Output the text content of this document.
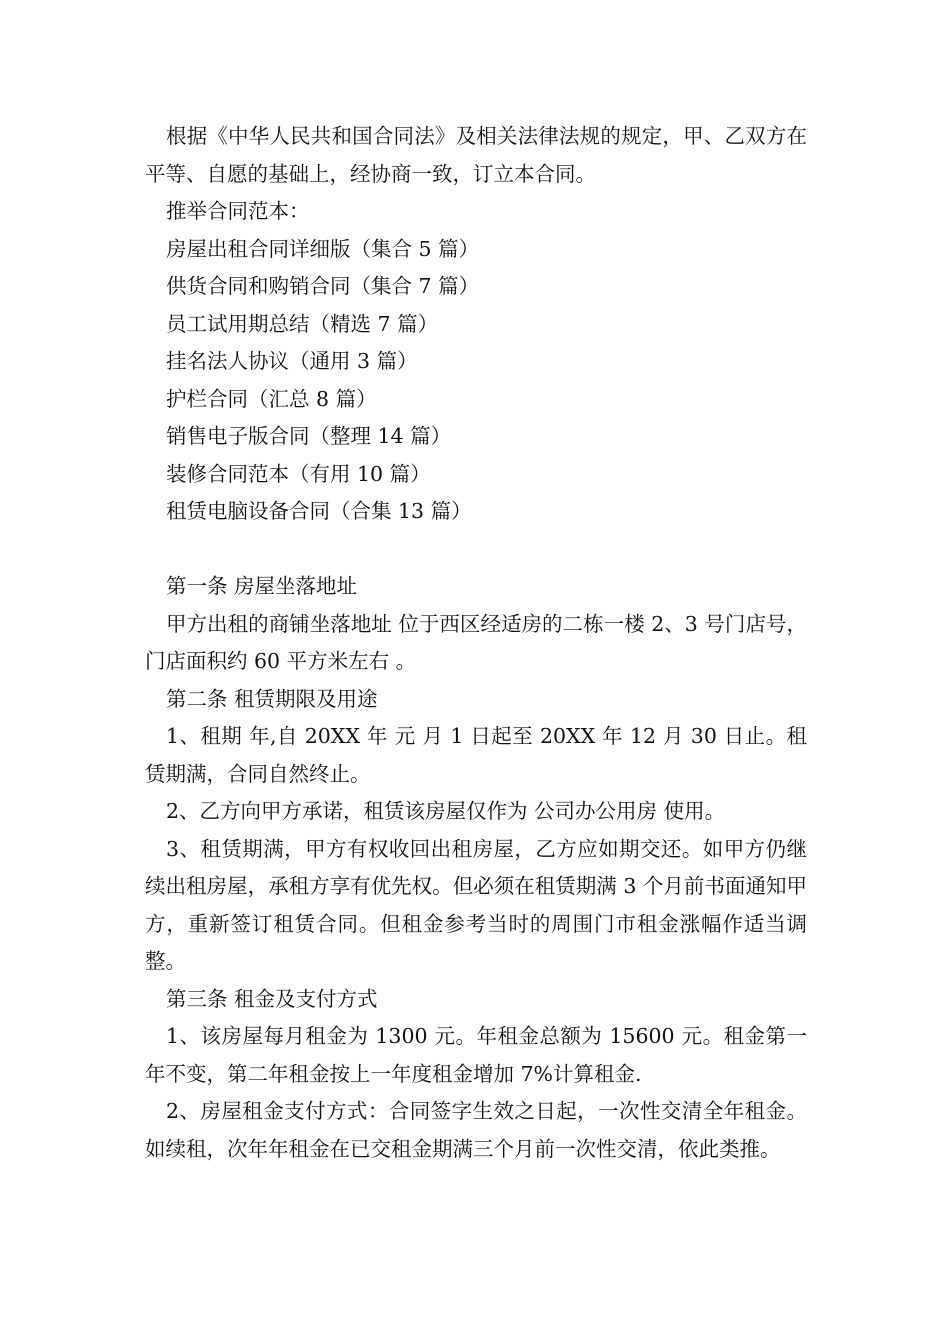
根据《中华人民共和国合同法》及相关法律法规的规定，甲、乙双方在平等、自愿的基础上，经协商一致，订立本合同。

推举合同范本：

房屋出租合同详细版（集合 5 篇）

供货合同和购销合同（集合 7 篇）

员工试用期总结（精选 7 篇）

挂名法人协议（通用 3 篇）

护栏合同（汇总 8 篇）

销售电子版合同（整理 14 篇）

装修合同范本（有用 10 篇）

租赁电脑设备合同（合集 13 篇）

第一条 房屋坐落地址

甲方出租的商铺坐落地址 位于西区经适房的二栋一楼 2、3 号门店号，门店面积约 60 平方米左右 。

第二条 租赁期限及用途

1、租期 年,自 20XX 年 元 月 1 日起至 20XX 年 12 月 30 日止。租赁期满，合同自然终止。

2、乙方向甲方承诺，租赁该房屋仅作为 公司办公用房 使用。

3、租赁期满，甲方有权收回出租房屋，乙方应如期交还。如甲方仍继续出租房屋，承租方享有优先权。但必须在租赁期满 3 个月前书面通知甲方，重新签订租赁合同。但租金参考当时的周围门市租金涨幅作适当调整。

第三条 租金及支付方式

1、该房屋每月租金为 1300 元。年租金总额为 15600 元。租金第一年不变，第二年租金按上一年度租金增加 7%计算租金.

2、房屋租金支付方式：合同签字生效之日起，一次性交清全年租金。如续租，次年年租金在已交租金期满三个月前一次性交清，依此类推。
